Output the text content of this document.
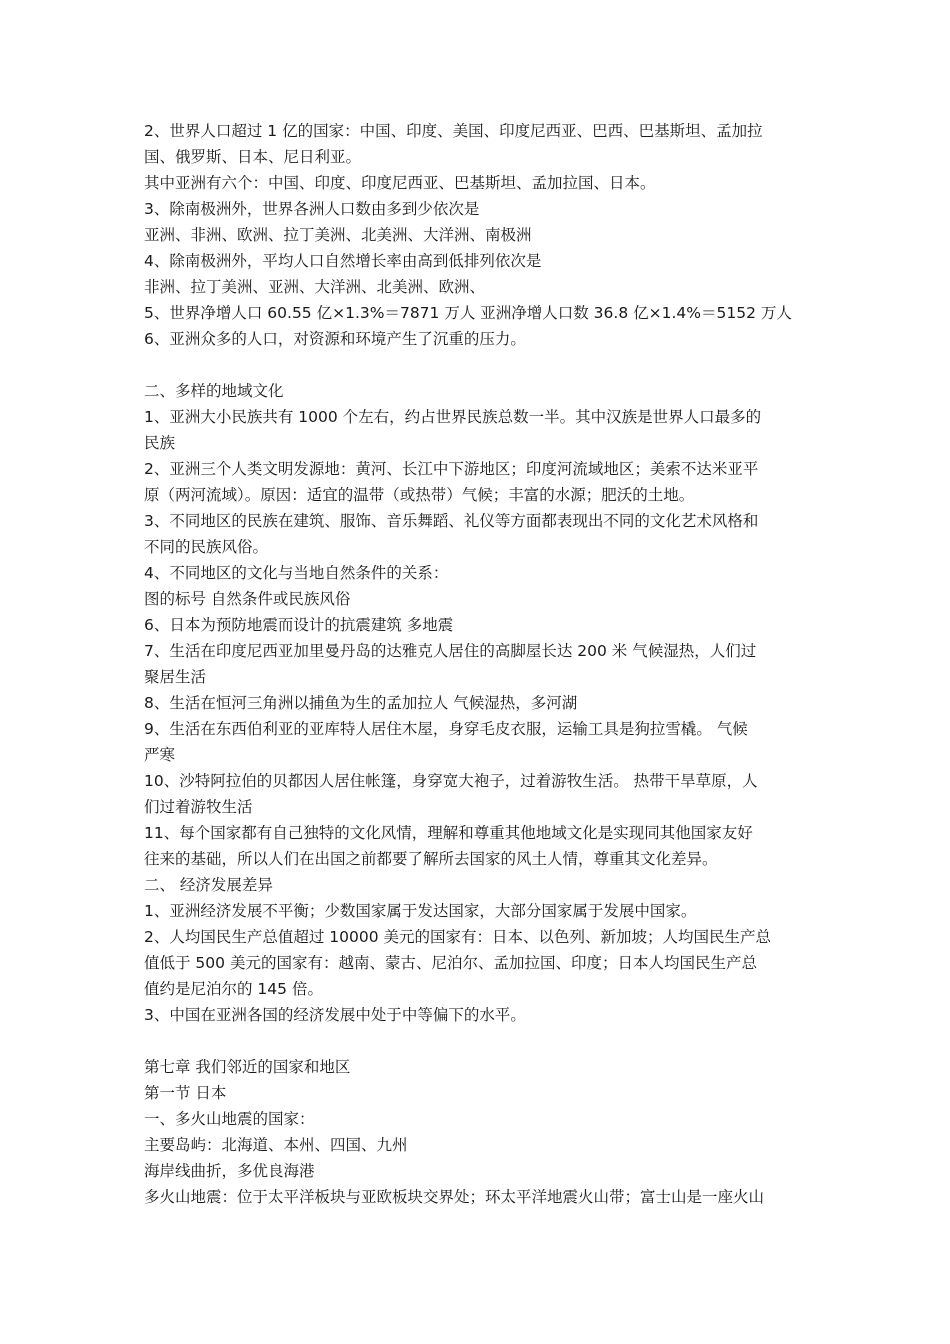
2、世界人口超过 1 亿的国家：中国、印度、美国、印度尼西亚、巴西、巴基斯坦、孟加拉
国、俄罗斯、日本、尼日利亚。
其中亚洲有六个：中国、印度、印度尼西亚、巴基斯坦、孟加拉国、日本。
3、除南极洲外，世界各洲人口数由多到少依次是
亚洲、非洲、欧洲、拉丁美洲、北美洲、大洋洲、南极洲
4、除南极洲外，平均人口自然增长率由高到低排列依次是
非洲、拉丁美洲、亚洲、大洋洲、北美洲、欧洲、
5、世界净增人口 60.55 亿×1.3%＝7871 万人 亚洲净增人口数 36.8 亿×1.4%＝5152 万人
6、亚洲众多的人口，对资源和环境产生了沉重的压力。
二、多样的地域文化
1、亚洲大小民族共有 1000 个左右，约占世界民族总数一半。其中汉族是世界人口最多的
民族
2、亚洲三个人类文明发源地：黄河、长江中下游地区；印度河流域地区；美索不达米亚平
原（两河流域）。原因：适宜的温带（或热带）气候；丰富的水源；肥沃的土地。
3、不同地区的民族在建筑、服饰、音乐舞蹈、礼仪等方面都表现出不同的文化艺术风格和
不同的民族风俗。
4、不同地区的文化与当地自然条件的关系：
图的标号 自然条件或民族风俗
6、日本为预防地震而设计的抗震建筑 多地震
7、生活在印度尼西亚加里曼丹岛的达雅克人居住的高脚屋长达 200 米 气候湿热，人们过
聚居生活
8、生活在恒河三角洲以捕鱼为生的孟加拉人 气候湿热，多河湖
9、生活在东西伯利亚的亚库特人居住木屋，身穿毛皮衣服，运输工具是狗拉雪橇。 气候
严寒
10、沙特阿拉伯的贝都因人居住帐篷，身穿宽大袍子，过着游牧生活。 热带干旱草原，人
们过着游牧生活
11、每个国家都有自己独特的文化风情，理解和尊重其他地域文化是实现同其他国家友好
往来的基础，所以人们在出国之前都要了解所去国家的风土人情，尊重其文化差异。
二、 经济发展差异
1、亚洲经济发展不平衡；少数国家属于发达国家，大部分国家属于发展中国家。
2、人均国民生产总值超过 10000 美元的国家有：日本、以色列、新加坡；人均国民生产总
值低于 500 美元的国家有：越南、蒙古、尼泊尔、孟加拉国、印度；日本人均国民生产总
值约是尼泊尔的 145 倍。
3、中国在亚洲各国的经济发展中处于中等偏下的水平。
第七章 我们邻近的国家和地区
第一节 日本
一、多火山地震的国家：
主要岛屿：北海道、本州、四国、九州
海岸线曲折，多优良海港
多火山地震：位于太平洋板块与亚欧板块交界处；环太平洋地震火山带；富士山是一座火山
